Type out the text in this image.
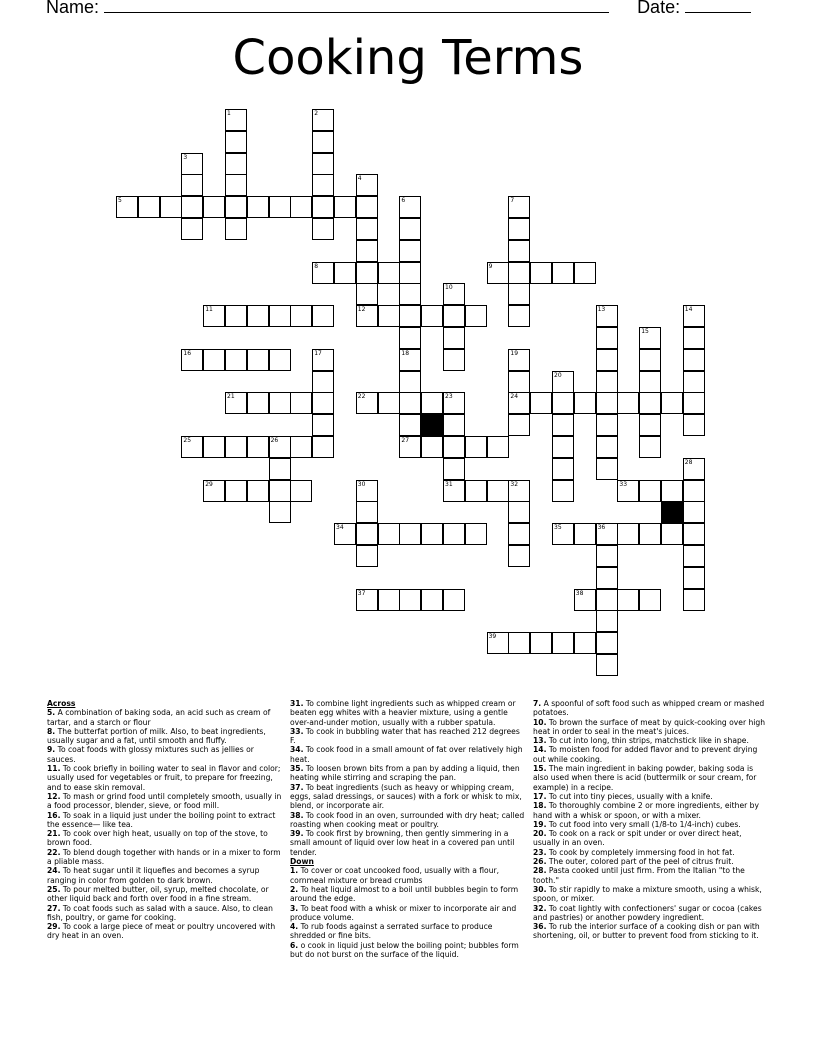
Name:	Date:
Cooking Terms
1	2
3
4
5	6	7
8	9
10
11	12	13	14
15
16	17	18
27
19
24
20
21	22	23
31
25	26
28
29	30	32	33
34	35	36
37	38
39

Across

5. A combination of baking soda, an acid such as cream of tartar, and a starch or flour

8. The butterfat portion of milk. Also, to beat ingredients, usually sugar and a fat, until smooth and fluffy.

9. To coat foods with glossy mixtures such as jellies or sauces.

11. To cook briefly in boiling water to seal in flavor and color; usually used for vegetables or fruit, to prepare for freezing, and to ease skin removal.

12. To mash or grind food until completely smooth, usually in a food processor, blender, sieve, or food mill.

16. To soak in a liquid just under the boiling point to extract the essence— like tea.

21. To cook over high heat, usually on top of the stove, to brown food.

22. To blend dough together with hands or in a mixer to form a pliable mass.

24. To heat sugar until it liquefies and becomes a syrup ranging in color from golden to dark brown.

25. To pour melted butter, oil, syrup, melted chocolate, or other liquid back and forth over food in a fine stream.

27. To coat foods such as salad with a sauce. Also, to clean fish, poultry, or game for cooking.

29. To cook a large piece of meat or poultry uncovered with dry heat in an oven.

31. To combine light ingredients such as whipped cream or beaten egg whites with a heavier mixture, using a gentle over-and-under motion, usually with a rubber spatula.

33. To cook in bubbling water that has reached 212 degrees F.

34. To cook food in a small amount of fat over relatively high heat.

35. To loosen brown bits from a pan by adding a liquid, then heating while stirring and scraping the pan.

37. To beat ingredients (such as heavy or whipping cream, eggs, salad dressings, or sauces) with a fork or whisk to mix, blend, or incorporate air.

38. To cook food in an oven, surrounded with dry heat; called roasting when cooking meat or poultry.

39. To cook first by browning, then gently simmering in a small amount of liquid over low heat in a covered pan until tender.

Down

1. To cover or coat uncooked food, usually with a flour, cornmeal mixture or bread crumbs

2. To heat liquid almost to a boil until bubbles begin to form around the edge.

3. To beat food with a whisk or mixer to incorporate air and produce volume.

4. To rub foods against a serrated surface to produce shredded or fine bits.

6. o cook in liquid just below the boiling point; bubbles form but do not burst on the surface of the liquid.

7. A spoonful of soft food such as whipped cream or mashed potatoes.

10. To brown the surface of meat by quick-cooking over high heat in order to seal in the meat's juices.

13. To cut into long, thin strips, matchstick like in shape.

14. To moisten food for added flavor and to prevent drying out while cooking.

15. The main ingredient in baking powder, baking soda is also used when there is acid (buttermilk or sour cream, for example) in a recipe.

17. To cut into tiny pieces, usually with a knife.

18. To thoroughly combine 2 or more ingredients, either by hand with a whisk or spoon, or with a mixer.

19. To cut food into very small (1/8-to 1/4-inch) cubes.

20. To cook on a rack or spit under or over direct heat, usually in an oven.

23. To cook by completely immersing food in hot fat.

26. The outer, colored part of the peel of citrus fruit.

28. Pasta cooked until just firm. From the Italian "to the tooth."

30. To stir rapidly to make a mixture smooth, using a whisk, spoon, or mixer.

32. To coat lightly with confectioners' sugar or cocoa (cakes and pastries) or another powdery ingredient.

36. To rub the interior surface of a cooking dish or pan with shortening, oil, or butter to prevent food from sticking to it.
